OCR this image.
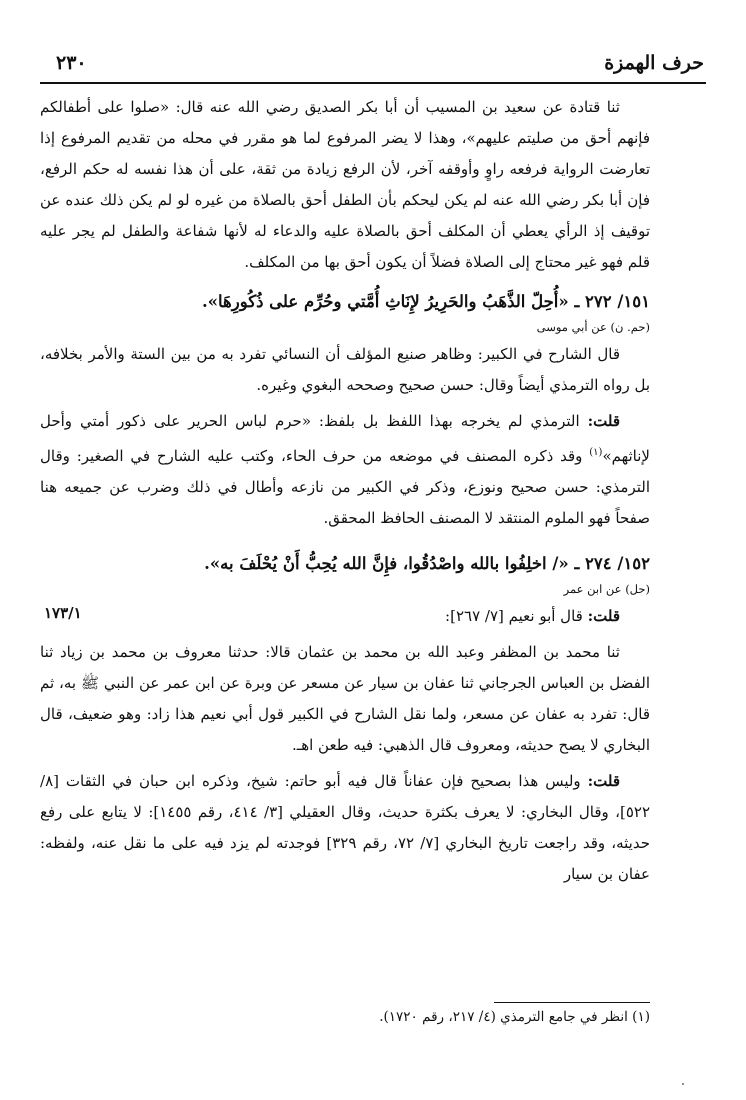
حرف الهمزة
٢٣٠

ثنا قتادة عن سعيد بن المسيب أن أبا بكر الصديق رضي الله عنه قال: «صلوا على أطفالكم فإنهم أحق من صليتم عليهم»، وهذا لا يضر المرفوع لما هو مقرر في محله من تقديم المرفوع إذا تعارضت الرواية فرفعه راوٍ وأوقفه آخر، لأن الرفع زيادة من ثقة، على أن هذا نفسه له حكم الرفع، فإن أبا بكر رضي الله عنه لم يكن ليحكم بأن الطفل أحق بالصلاة من غيره لو لم يكن ذلك عنده عن توقيف إذ الرأي يعطي أن المكلف أحق بالصلاة عليه والدعاء له لأنها شفاعة والطفل لم يجر عليه قلم فهو غير محتاج إلى الصلاة فضلاً أن يكون أحق بها من المكلف.

١٥١/ ٢٧٢ ـ «أُحِلّ الذَّهَبُ والحَرِيرُ لإِنَاثِ أُمَّتي وحُرِّم على ذُكُورِهَا».

(حم. ن) عن أبي موسى

قال الشارح في الكبير: وظاهر صنيع المؤلف أن النسائي تفرد به من بين الستة والأمر بخلافه، بل رواه الترمذي أيضاً وقال: حسن صحيح وصححه البغوي وغيره.

قلت: الترمذي لم يخرجه بهذا اللفظ بل بلفظ: «حرم لباس الحرير على ذكور أمتي وأحل لإناثهم»$^{(١)}$ وقد ذكره المصنف في موضعه من حرف الحاء، وكتب عليه الشارح في الصغير: وقال الترمذي: حسن صحيح ونوزع، وذكر في الكبير من نازعه وأطال في ذلك وضرب عن جميعه هنا صفحاً فهو الملوم المنتقد لا المصنف الحافظ المحقق.

١٥٢/ ٢٧٤ ـ «/ اخلِفُوا بالله واصْدُقُوا، فإِنَّ الله يُحِبُّ أَنْ يُحْلَفَ به».

(حل) عن ابن عمر

قلت: قال أبو نعيم [٧/ ٢٦٧]:

ثنا محمد بن المظفر وعبد الله بن محمد بن عثمان قالا: حدثنا معروف بن محمد بن زياد ثنا الفضل بن العباس الجرجاني ثنا عفان بن سيار عن مسعر عن وبرة عن ابن عمر عن النبي ﷺ به، ثم قال: تفرد به عفان عن مسعر، ولما نقل الشارح في الكبير قول أبي نعيم هذا زاد: وهو ضعيف، قال البخاري لا يصح حديثه، ومعروف قال الذهبي: فيه طعن اهـ.

قلت: وليس هذا بصحيح فإن عفاناً قال فيه أبو حاتم: شيخ، وذكره ابن حبان في الثقات [٨/ ٥٢٢]، وقال البخاري: لا يعرف بكثرة حديث، وقال العقيلي [٣/ ٤١٤، رقم ١٤٥٥]: لا يتابع على رفع حديثه، وقد راجعت تاريخ البخاري [٧/ ٧٢، رقم ٣٢٩] فوجدته لم يزد فيه على ما نقل عنه، ولفظه: عفان بن سيار

١٧٣/١

(١) انظر في جامع الترمذي (٤/ ٢١٧، رقم ١٧٢٠).
